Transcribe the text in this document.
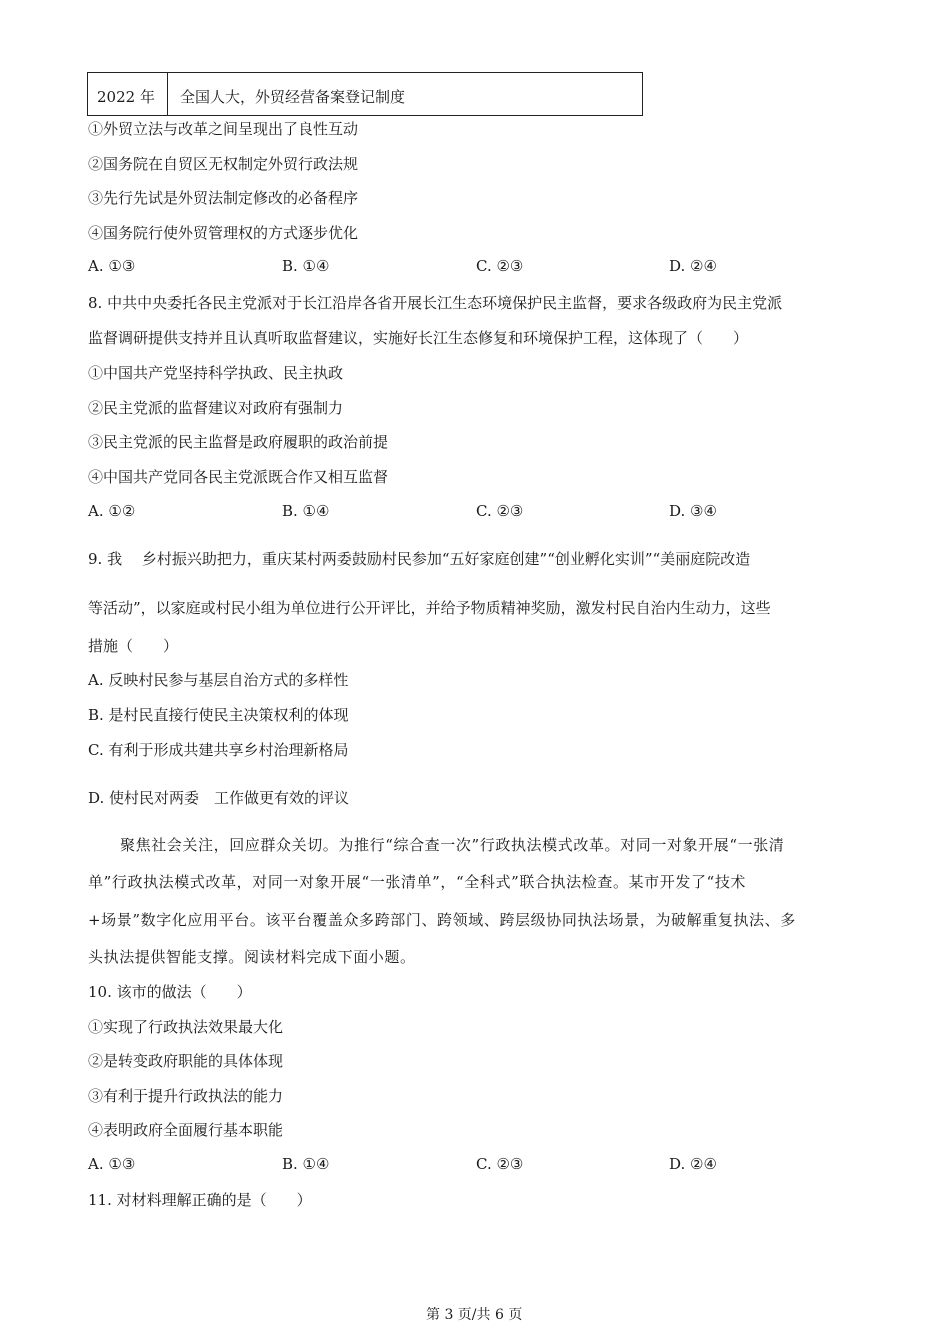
2022 年 全国人大，外贸经营备案登记制度
①外贸立法与改革之间呈现出了良性互动
②国务院在自贸区无权制定外贸行政法规
③先行先试是外贸法制定修改的必备程序
④国务院行使外贸管理权的方式逐步优化
A. ①③	B. ①④	C. ②③	D. ②④
8. 中共中央委托各民主党派对于长江沿岸各省开展长江生态环境保护民主监督，要求各级政府为民主党派
监督调研提供支持并且认真听取监督建议，实施好长江生态修复和环境保护工程，这体现了（　　）
①中国共产党坚持科学执政、民主执政
②民主党派的监督建议对政府有强制力
③民主党派的民主监督是政府履职的政治前提
④中国共产党同各民主党派既合作又相互监督
A. ①②	B. ①④	C. ②③	D. ③④
9. 我　 乡村振兴助把力，重庆某村两委鼓励村民参加“五好家庭创建”“创业孵化实训”“美丽庭院改造
等活动”，以家庭或村民小组为单位进行公开评比，并给予物质精神奖励，激发村民自治内生动力，这些
措施（　　）
A. 反映村民参与基层自治方式的多样性
B. 是村民直接行使民主决策权利的体现
C. 有利于形成共建共享乡村治理新格局
D. 使村民对两委　工作做更有效的评议
聚焦社会关注，回应群众关切。为推行“综合查一次”行政执法模式改革。对同一对象开展“一张清
单”行政执法模式改革，对同一对象开展“一张清单”，“全科式”联合执法检查。某市开发了“技术
+场景”数字化应用平台。该平台覆盖众多跨部门、跨领域、跨层级协同执法场景，为破解重复执法、多
头执法提供智能支撑。阅读材料完成下面小题。
10. 该市的做法（　　）
①实现了行政执法效果最大化
②是转变政府职能的具体体现
③有利于提升行政执法的能力
④表明政府全面履行基本职能
A. ①③	B. ①④	C. ②③	D. ②④
11. 对材料理解正确的是（　　）
第 3 页/共 6 页
